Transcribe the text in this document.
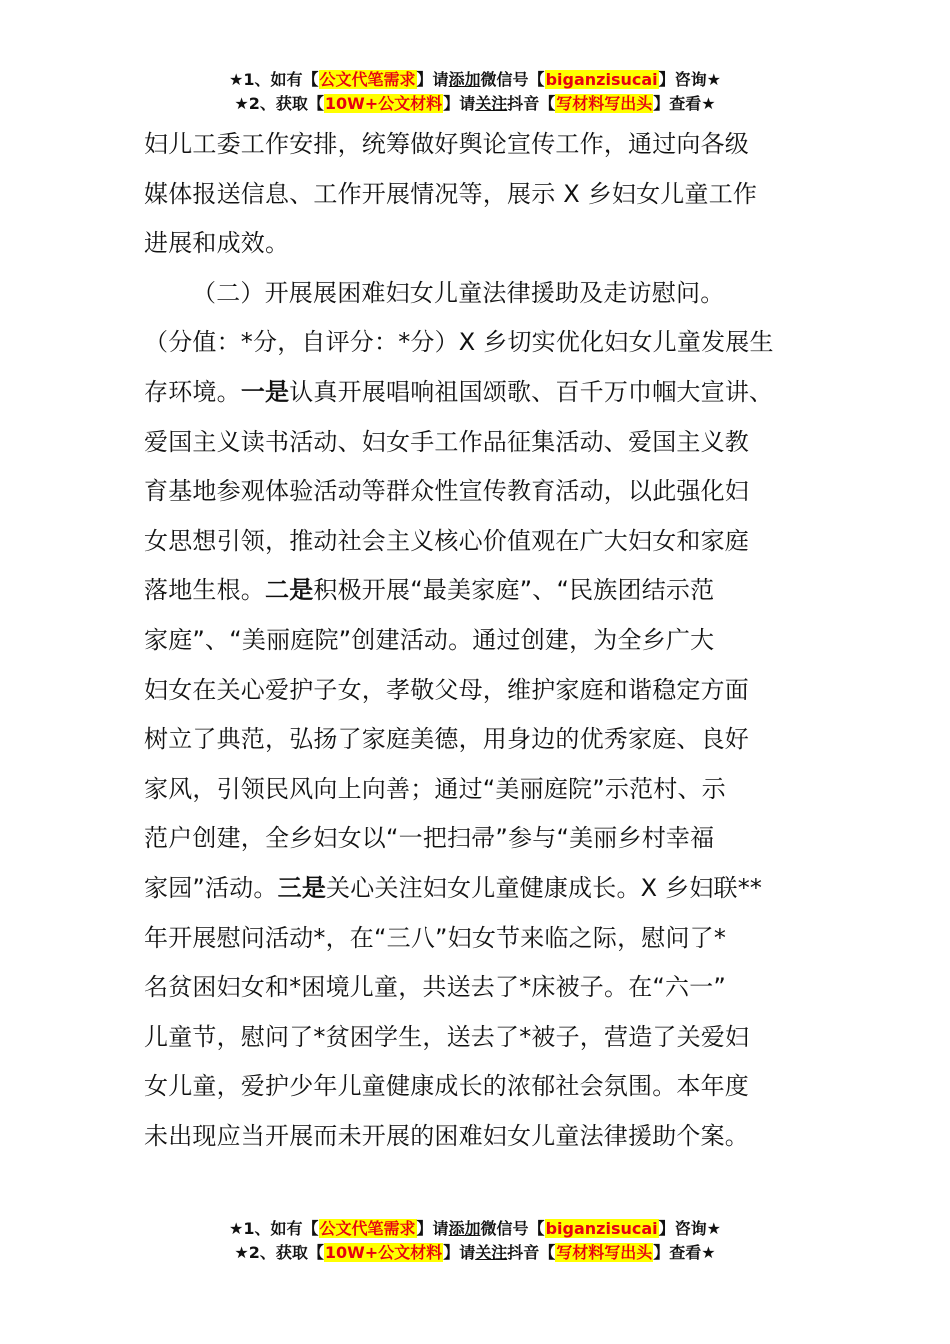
★1、如有【公文代笔需求】请添加微信号【biganzisucai】咨询★
★2、获取【10W+公文材料】请关注抖音【写材料写出头】查看★
妇儿工委工作安排，统筹做好舆论宣传工作，通过向各级
媒体报送信息、工作开展情况等，展示 X 乡妇女儿童工作
进展和成效。
（二）开展展困难妇女儿童法律援助及走访慰问。
（分值：*分，自评分：*分）X 乡切实优化妇女儿童发展生
存环境。一是认真开展唱响祖国颂歌、百千万巾帼大宣讲、
爱国主义读书活动、妇女手工作品征集活动、爱国主义教
育基地参观体验活动等群众性宣传教育活动，以此强化妇
女思想引领，推动社会主义核心价值观在广大妇女和家庭
落地生根。二是积极开展“最美家庭”、“民族团结示范
家庭”、“美丽庭院”创建活动。通过创建，为全乡广大
妇女在关心爱护子女，孝敬父母，维护家庭和谐稳定方面
树立了典范，弘扬了家庭美德，用身边的优秀家庭、良好
家风，引领民风向上向善；通过“美丽庭院”示范村、示
范户创建，全乡妇女以“一把扫帚”参与“美丽乡村幸福
家园”活动。三是关心关注妇女儿童健康成长。X 乡妇联**
年开展慰问活动*，在“三八”妇女节来临之际，慰问了*
名贫困妇女和*困境儿童，共送去了*床被子。在“六一”
儿童节，慰问了*贫困学生，送去了*被子，营造了关爱妇
女儿童，爱护少年儿童健康成长的浓郁社会氛围。本年度
未出现应当开展而未开展的困难妇女儿童法律援助个案。
★1、如有【公文代笔需求】请添加微信号【biganzisucai】咨询★
★2、获取【10W+公文材料】请关注抖音【写材料写出头】查看★
